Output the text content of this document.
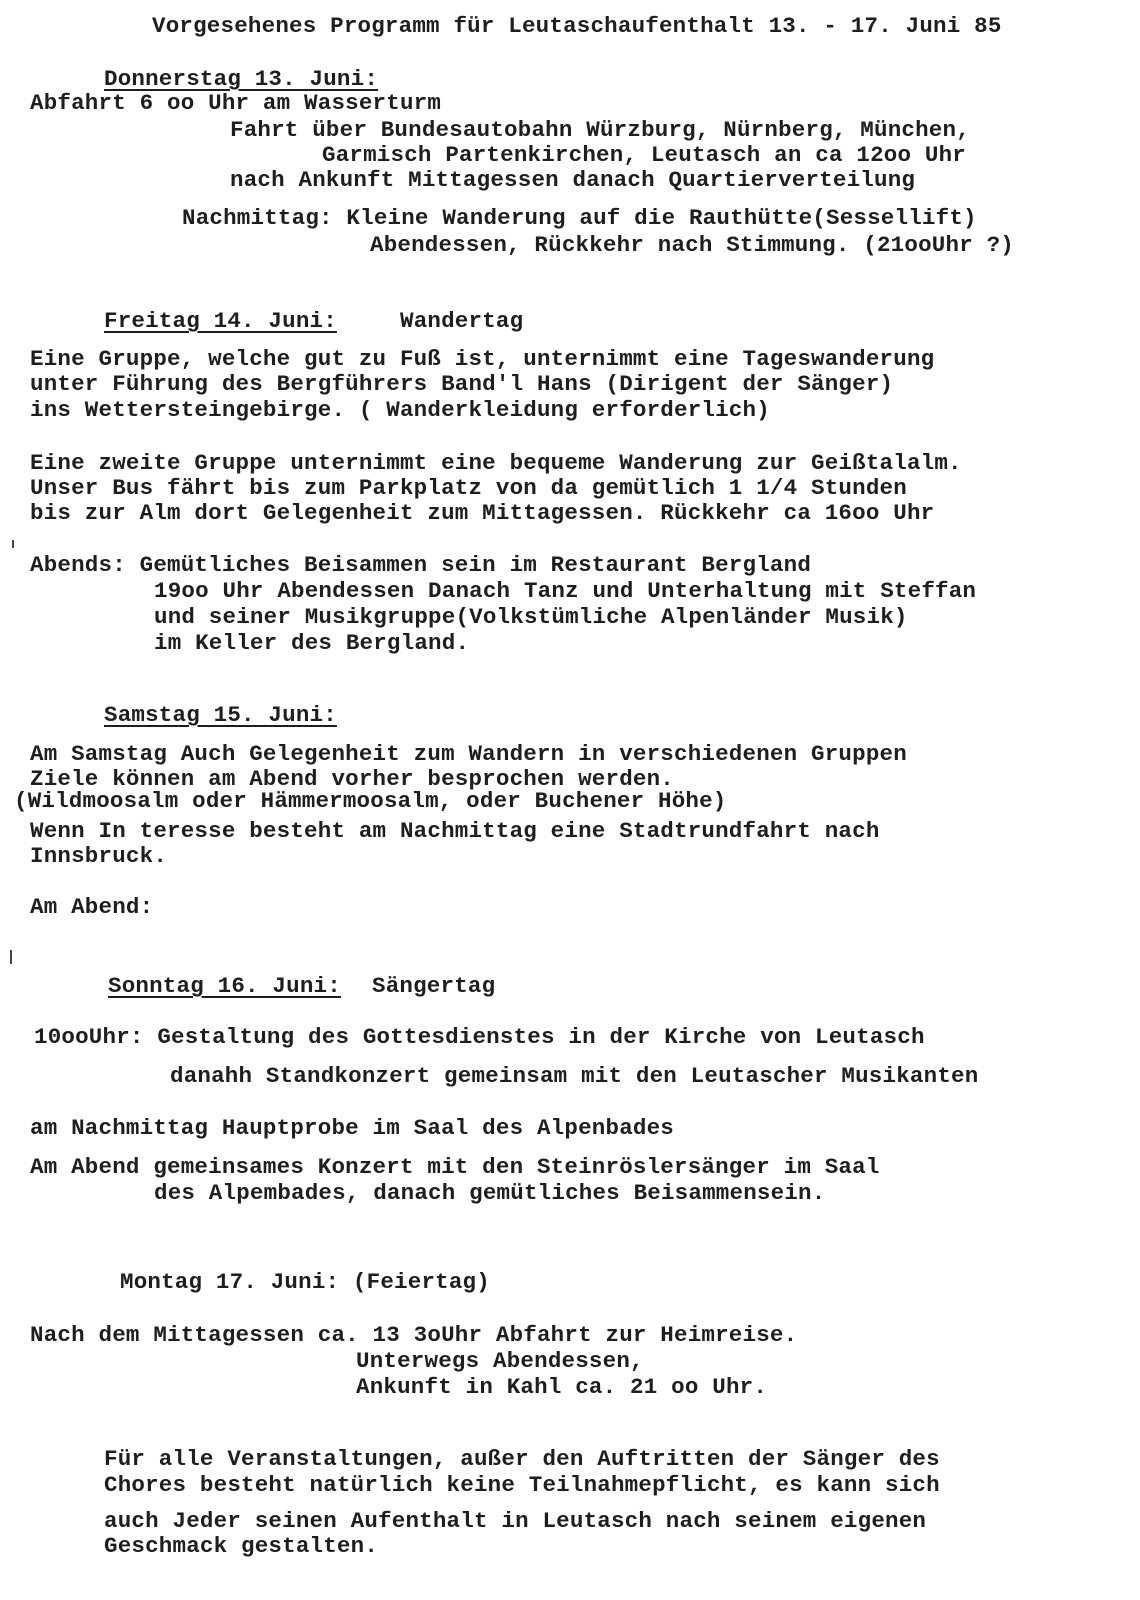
Vorgesehenes Programm für Leutaschaufenthalt 13. - 17. Juni 85
Donnerstag 13. Juni:
Abfahrt 6 oo Uhr am Wasserturm
Fahrt über Bundesautobahn Würzburg, Nürnberg, München,
Garmisch Partenkirchen, Leutasch an ca 12oo Uhr
nach Ankunft Mittagessen danach Quartierverteilung
Nachmittag: Kleine Wanderung auf die Rauthütte(Sessellift)
Abendessen, Rückkehr nach Stimmung. (21ooUhr ?)
Freitag 14. Juni:	Wandertag
Eine Gruppe, welche gut zu Fuß ist, unternimmt eine Tageswanderung
unter Führung des Bergführers Band'l Hans (Dirigent der Sänger)
ins Wettersteingebirge. ( Wanderkleidung erforderlich)
Eine zweite Gruppe unternimmt eine bequeme Wanderung zur Geißtalalm.
Unser Bus fährt bis zum Parkplatz von da gemütlich 1 1/4 Stunden
bis zur Alm dort Gelegenheit zum Mittagessen. Rückkehr ca 16oo Uhr
Abends: Gemütliches Beisammen sein im Restaurant Bergland
19oo Uhr Abendessen Danach Tanz und Unterhaltung mit Steffan
und seiner Musikgruppe(Volkstümliche Alpenländer Musik)
im Keller des Bergland.
Samstag 15. Juni:
Am Samstag Auch Gelegenheit zum Wandern in verschiedenen Gruppen
Ziele können am Abend vorher besprochen werden.
(Wildmoosalm oder Hämmermoosalm, oder Buchener Höhe)
Wenn In teresse besteht am Nachmittag eine Stadtrundfahrt nach
Innsbruck.
Am Abend:
Sonntag 16. Juni: Sängertag
10ooUhr: Gestaltung des Gottesdienstes in der Kirche von Leutasch
danahh Standkonzert gemeinsam mit den Leutascher Musikanten
am Nachmittag Hauptprobe im Saal des Alpenbades
Am Abend gemeinsames Konzert mit den Steinröslersänger im Saal
des Alpembades, danach gemütliches Beisammensein.
Montag 17. Juni: (Feiertag)
Nach dem Mittagessen ca. 13 3oUhr Abfahrt zur Heimreise.
Unterwegs Abendessen,
Ankunft in Kahl ca. 21 oo Uhr.
Für alle Veranstaltungen, außer den Auftritten der Sänger des
Chores besteht natürlich keine Teilnahmepflicht, es kann sich
auch Jeder seinen Aufenthalt in Leutasch nach seinem eigenen
Geschmack gestalten.
